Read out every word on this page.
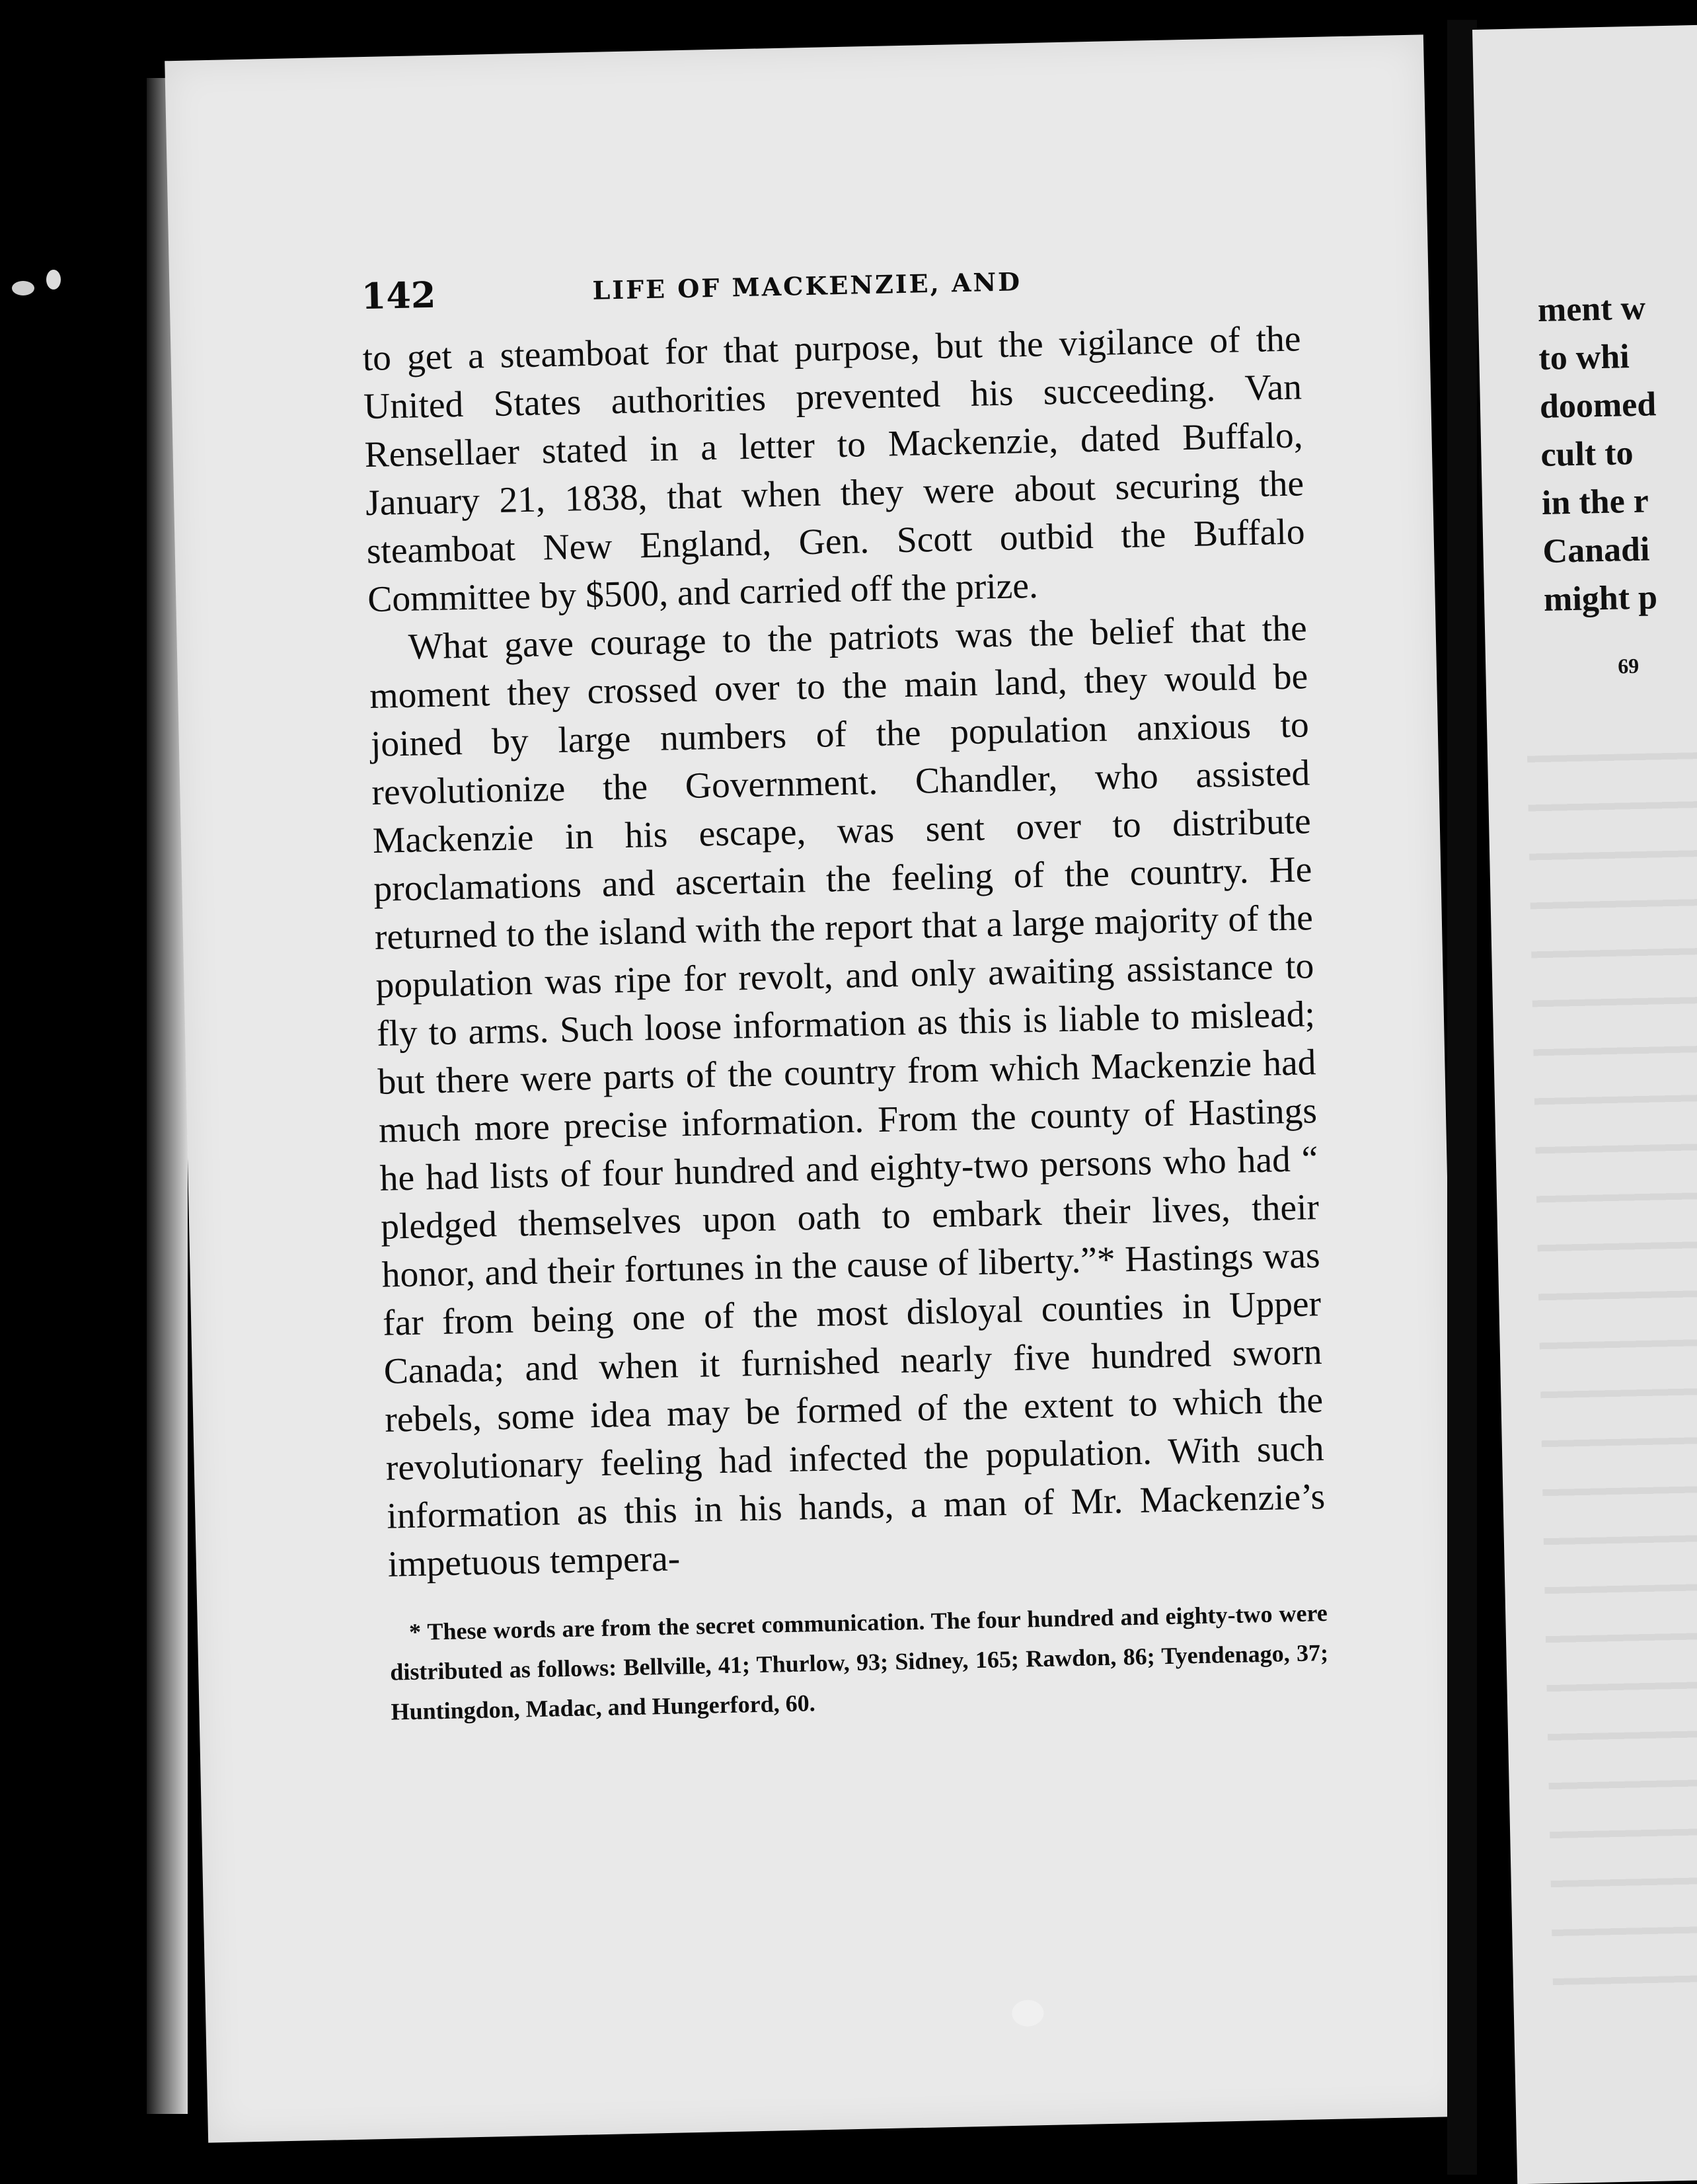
142	LIFE OF MACKENZIE, AND

to get a steamboat for that purpose, but the vigilance of the United States authorities prevented his succeeding. Van Rensellaer stated in a letter to Mackenzie, dated Buffalo, January 21, 1838, that when they were about securing the steamboat New England, Gen. Scott outbid the Buffalo Committee by $500, and carried off the prize.

What gave courage to the patriots was the belief that the moment they crossed over to the main land, they would be joined by large numbers of the population anxious to revolutionize the Government. Chandler, who assisted Mackenzie in his escape, was sent over to distribute proclamations and ascertain the feeling of the country. He returned to the island with the report that a large majority of the population was ripe for revolt, and only awaiting assistance to fly to arms. Such loose information as this is liable to mislead; but there were parts of the country from which Mackenzie had much more precise information. From the county of Hastings he had lists of four hundred and eighty-two persons who had “ pledged themselves upon oath to embark their lives, their honor, and their fortunes in the cause of liberty.”* Hastings was far from being one of the most disloyal counties in Upper Canada; and when it furnished nearly five hundred sworn rebels, some idea may be formed of the extent to which the revolutionary feeling had infected the population. With such information as this in his hands, a man of Mr. Mackenzie’s impetuous tempera-

* These words are from the secret communication. The four hundred and eighty-two were distributed as follows: Bellville, 41; Thurlow, 93; Sidney, 165; Rawdon, 86; Tyendenago, 37; Huntingdon, Madac, and Hungerford, 60.
ment w
to whi
doomed
cult to
in the r
Canadi
might p
69
